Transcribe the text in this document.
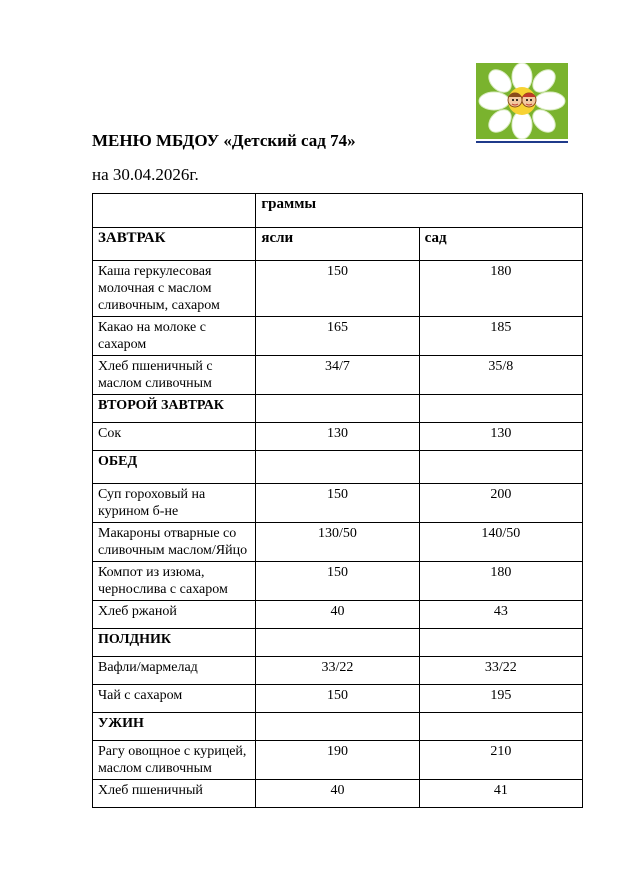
МЕНЮ МБДОУ «Детский сад 74»
на 30.04.2026г.
	граммы	
ЗАВТРАК	ясли	сад
Каша геркулесовая молочная с маслом сливочным, сахаром	150	180
Какао на молоке с сахаром	165	185
Хлеб пшеничный с маслом сливочным	34/7	35/8
ВТОРОЙ ЗАВТРАК		
Сок	130	130
ОБЕД		
Суп гороховый на курином б-не	150	200
Макароны отварные со сливочным маслом/Яйцо	130/50	140/50
Компот из изюма, чернослива с сахаром	150	180
Хлеб ржаной	40	43
ПОЛДНИК		
Вафли/мармелад	33/22	33/22
Чай с сахаром	150	195
УЖИН		
Рагу овощное с курицей, маслом сливочным	190	210
Хлеб пшеничный	40	41
